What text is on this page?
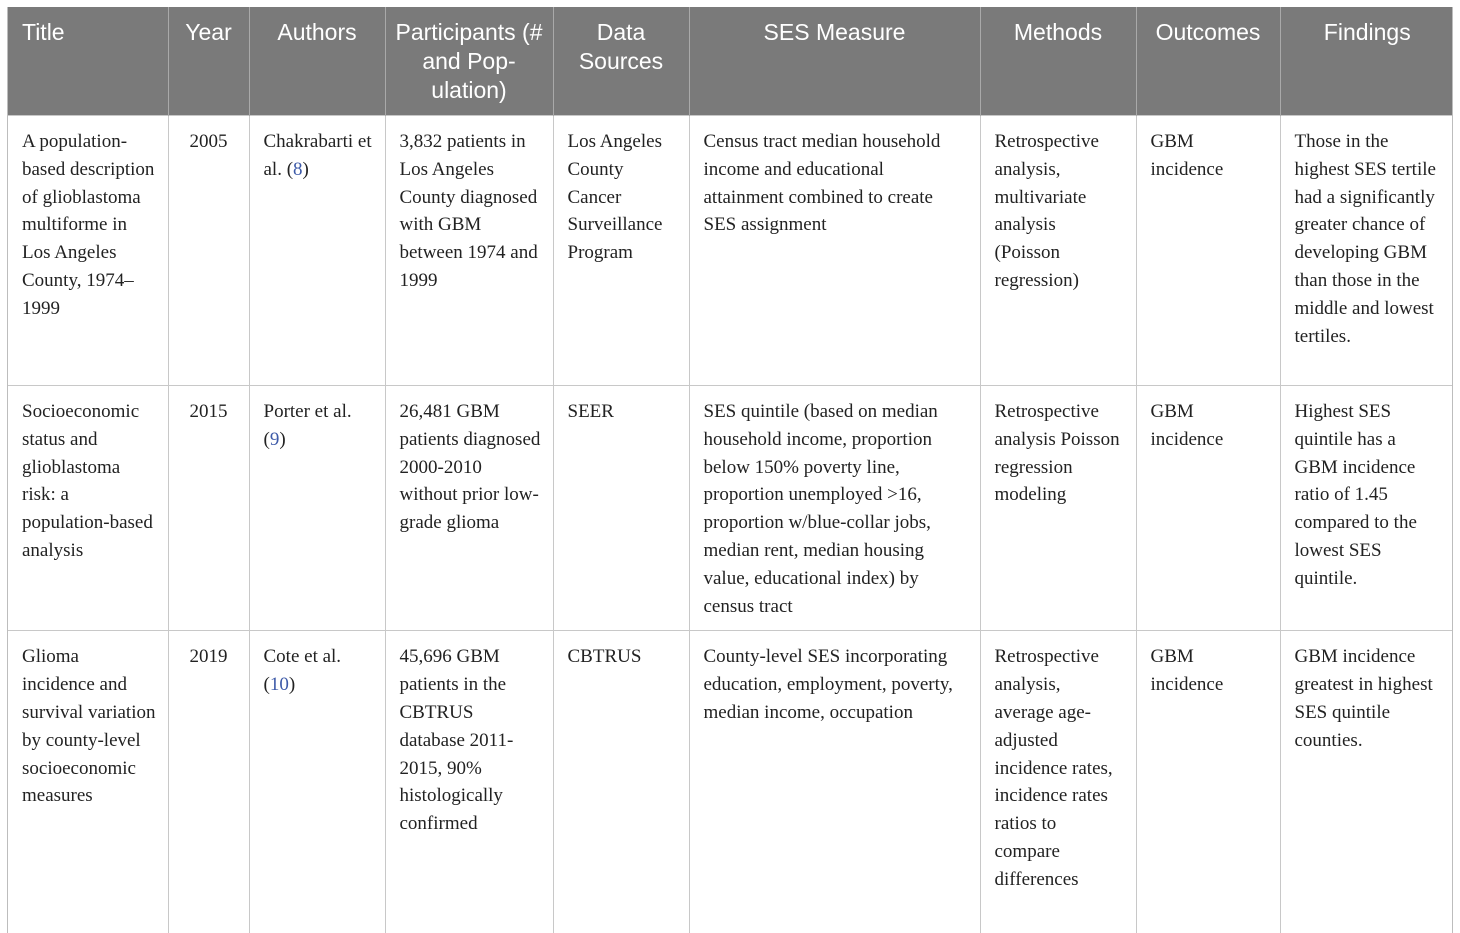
Title	Year	Authors	Participants (# and Pop-ulation)	Data Sources	SES Measure	Methods	Outcomes	Findings
A population-based description of glioblastoma multiforme in Los Angeles County, 1974–1999	2005	Chakrabarti et al. (8)	3,832 patients in Los Angeles County diagnosed with GBM between 1974 and 1999	Los Angeles County Cancer Surveillance Program	Census tract median household income and educational attainment combined to create SES assignment	Retrospective analysis, multivariate analysis (Poisson regression)	GBM incidence	Those in the highest SES tertile had a significantly greater chance of developing GBM than those in the middle and lowest tertiles.
Socioeconomic status and glioblastoma risk: a population-based analysis	2015	Porter et al. (9)	26,481 GBM patients diagnosed 2000-2010 without prior low-grade glioma	SEER	SES quintile (based on median household income, proportion below 150% poverty line, proportion unemployed >16, proportion w/blue-collar jobs, median rent, median housing value, educational index) by census tract	Retrospective analysis Poisson regression modeling	GBM incidence	Highest SES quintile has a GBM incidence ratio of 1.45 compared to the lowest SES quintile.
Glioma incidence and survival variation by county-level socioeconomic measures	2019	Cote et al. (10)	45,696 GBM patients in the CBTRUS database 2011-2015, 90% histologically confirmed	CBTRUS	County-level SES incorporating education, employment, poverty, median income, occupation	Retrospective analysis, average age-adjusted incidence rates, incidence rates ratios to compare differences	GBM incidence	GBM incidence greatest in highest SES quintile counties.
